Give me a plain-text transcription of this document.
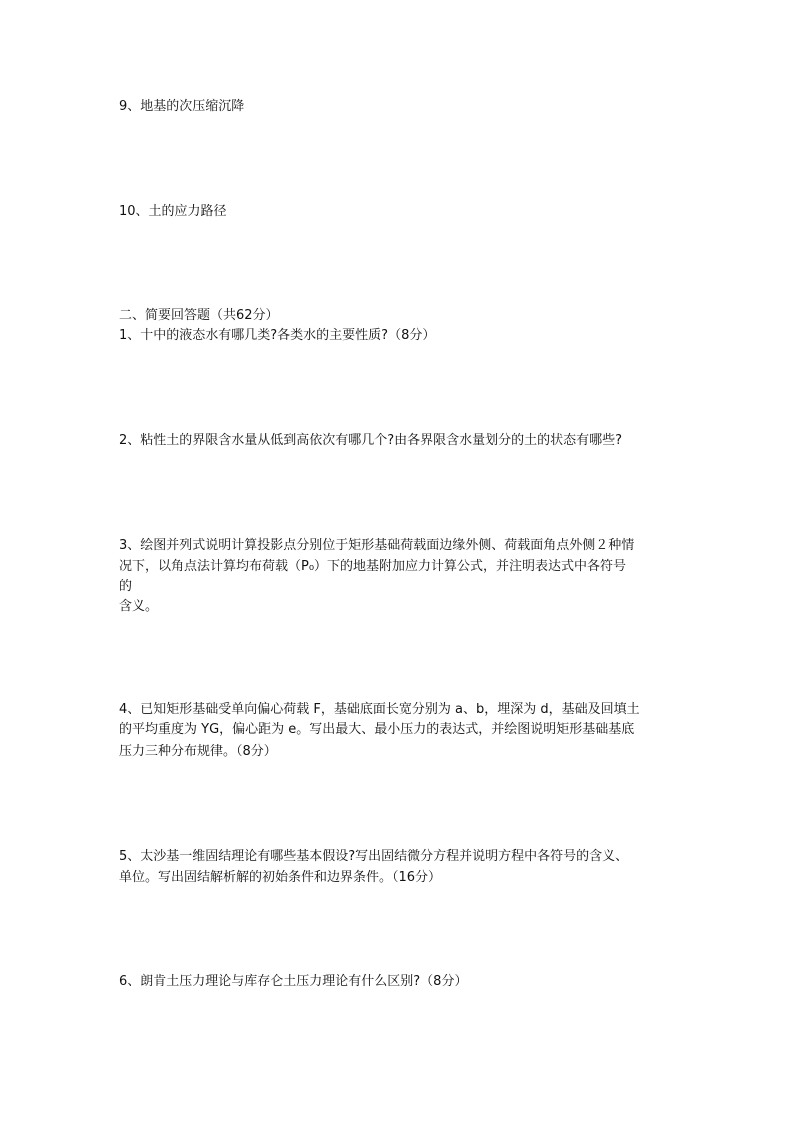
9、地基的次压缩沉降
10、土的应力路径
二、简要回答题（共62分）
1、十中的液态水有哪几类?各类水的主要性质?（8分）
2、粘性土的界限含水量从低到高依次有哪几个?由各界限含水量划分的土的状态有哪些?
3、绘图并列式说明计算投影点分别位于矩形基础荷载面边缘外侧、荷载面角点外侧２种情
况下，以角点法计算均布荷载（P₀）下的地基附加应力计算公式，并注明表达式中各符号
的
含义。
4、已知矩形基础受单向偏心荷载 F，基础底面长宽分别为 a、b，埋深为 d，基础及回填土
的平均重度为 YG，偏心距为 e。写出最大、最小压力的表达式，并绘图说明矩形基础基底
压力三种分布规律。（8分）
5、太沙基一维固结理论有哪些基本假设?写出固结微分方程并说明方程中各符号的含义、
单位。写出固结解析解的初始条件和边界条件。（16分）
6、朗肯土压力理论与库存仑土压力理论有什么区别?（8分）
